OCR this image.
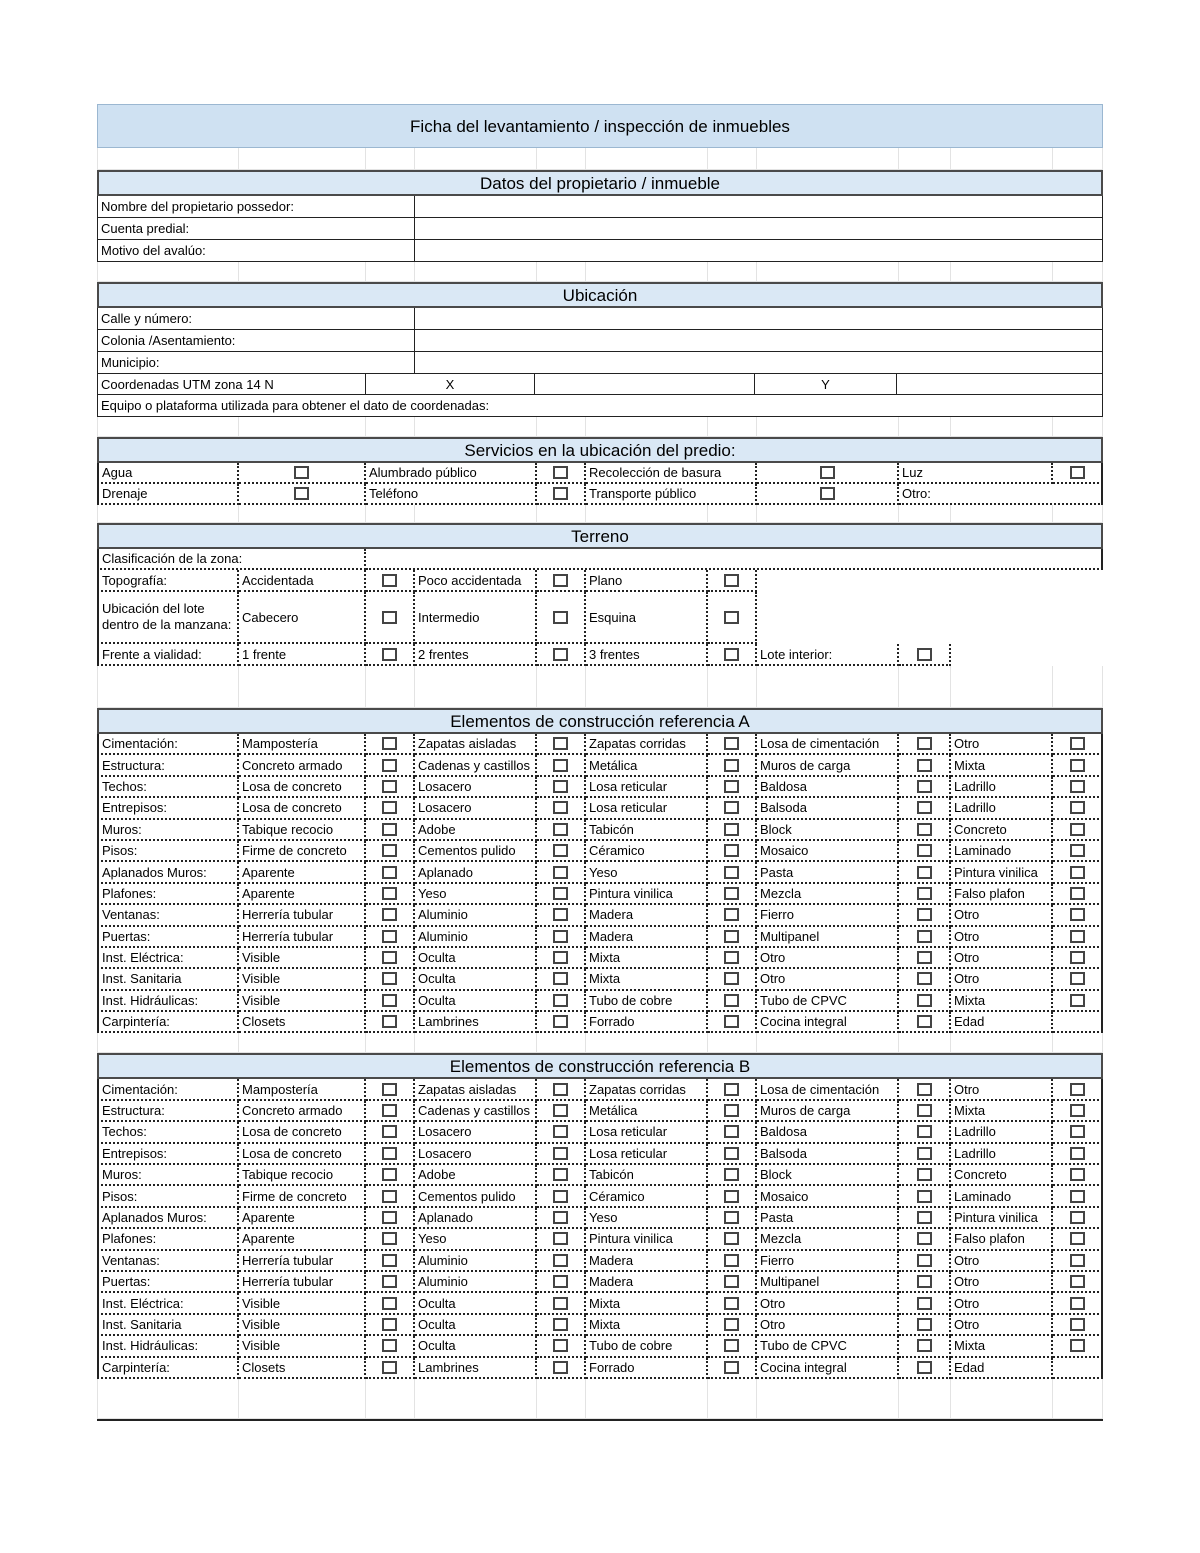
Ficha del levantamiento / inspección de inmuebles
Datos del propietario / inmueble
Nombre del propietario possedor:
Cuenta predial:
Motivo del avalúo:
Ubicación
Calle y número:
Colonia /Asentamiento:
Municipio:
Coordenadas UTM zona 14 N	X	Y
Equipo o plataforma utilizada para obtener el dato de coordenadas:
Servicios en la ubicación del predio:
Agua	Alumbrado público	Recolección de basura	Luz
Drenaje	Teléfono	Transporte público	Otro:
Terreno
Clasificación de la zona:
Topografía:	Accidentada	Poco accidentada	Plano
Ubicación del lote dentro de la manzana: Cabecero	Intermedio	Esquina
Frente a vialidad:	1 frente	2 frentes	3 frentes	Lote interior:
Elementos de construcción referencia A
Cimentación:	Mampostería	Zapatas aisladas	Zapatas corridas	Losa de cimentación	Otro
Estructura:	Concreto armado	Cadenas y castillos	Metálica	Muros de carga	Mixta
Techos:	Losa de concreto	Losacero	Losa reticular	Baldosa	Ladrillo
Entrepisos:	Losa de concreto	Losacero	Losa reticular	Balsoda	Ladrillo
Muros:	Tabique recocio	Adobe	Tabicón	Block	Concreto
Pisos:	Firme de concreto	Cementos pulido	Céramico	Mosaico	Laminado
Aplanados Muros:	Aparente	Aplanado	Yeso	Pasta	Pintura vinilica
Plafones:	Aparente	Yeso	Pintura vinilica	Mezcla	Falso plafon
Ventanas:	Herrería tubular	Aluminio	Madera	Fierro	Otro
Puertas:	Herrería tubular	Aluminio	Madera	Multipanel	Otro
Inst. Eléctrica:	Visible	Oculta	Mixta	Otro	Otro
Inst. Sanitaria	Visible	Oculta	Mixta	Otro	Otro
Inst. Hidráulicas:	Visible	Oculta	Tubo de cobre	Tubo de CPVC	Mixta
Carpintería:	Closets	Lambrines	Forrado	Cocina integral	Edad
Elementos de construcción referencia B
Cimentación:	Mampostería	Zapatas aisladas	Zapatas corridas	Losa de cimentación	Otro
Estructura:	Concreto armado	Cadenas y castillos	Metálica	Muros de carga	Mixta
Techos:	Losa de concreto	Losacero	Losa reticular	Baldosa	Ladrillo
Entrepisos:	Losa de concreto	Losacero	Losa reticular	Balsoda	Ladrillo
Muros:	Tabique recocio	Adobe	Tabicón	Block	Concreto
Pisos:	Firme de concreto	Cementos pulido	Céramico	Mosaico	Laminado
Aplanados Muros:	Aparente	Aplanado	Yeso	Pasta	Pintura vinilica
Plafones:	Aparente	Yeso	Pintura vinilica	Mezcla	Falso plafon
Ventanas:	Herrería tubular	Aluminio	Madera	Fierro	Otro
Puertas:	Herrería tubular	Aluminio	Madera	Multipanel	Otro
Inst. Eléctrica:	Visible	Oculta	Mixta	Otro	Otro
Inst. Sanitaria	Visible	Oculta	Mixta	Otro	Otro
Inst. Hidráulicas:	Visible	Oculta	Tubo de cobre	Tubo de CPVC	Mixta
Carpintería:	Closets	Lambrines	Forrado	Cocina integral	Edad
